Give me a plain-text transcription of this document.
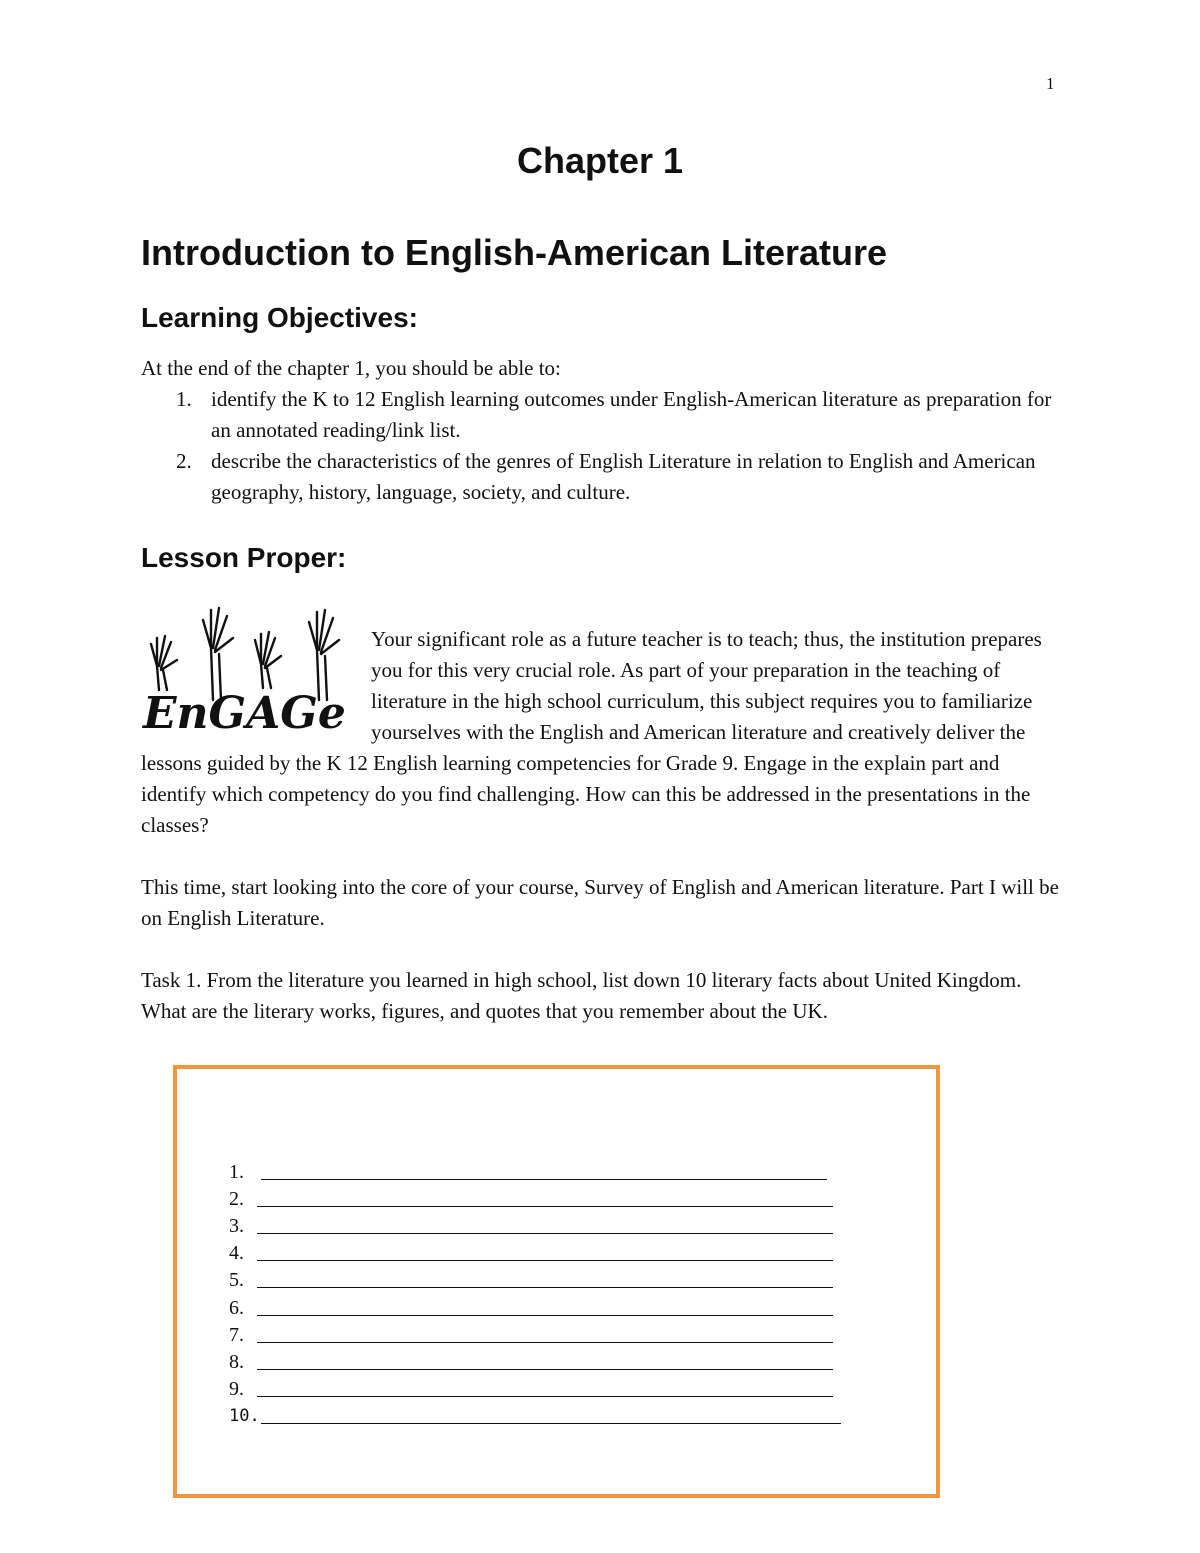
1
Chapter 1
Introduction to English-American Literature
Learning Objectives:
At the end of the chapter 1, you should be able to:
1. identify the K to 12 English learning outcomes under English-American literature as preparation for an annotated reading/link list.
2. describe the characteristics of the genres of English Literature in relation to English and American geography, history, language, society, and culture.
Lesson Proper:
EnGAGe

Your significant role as a future teacher is to teach; thus, the institution prepares you for this very crucial role. As part of your preparation in the teaching of literature in the high school curriculum, this subject requires you to familiarize yourselves with the English and American literature and creatively deliver the lessons guided by the K 12 English learning competencies for Grade 9. Engage in the explain part and identify which competency do you find challenging. How can this be addressed in the presentations in the classes?

This time, start looking into the core of your course, Survey of English and American literature. Part I will be on English Literature.

Task 1. From the literature you learned in high school, list down 10 literary facts about United Kingdom. What are the literary works, figures, and quotes that you remember about the UK.

1.
2.
3.
4.
5.
6.
7.
8.
9.
10.
